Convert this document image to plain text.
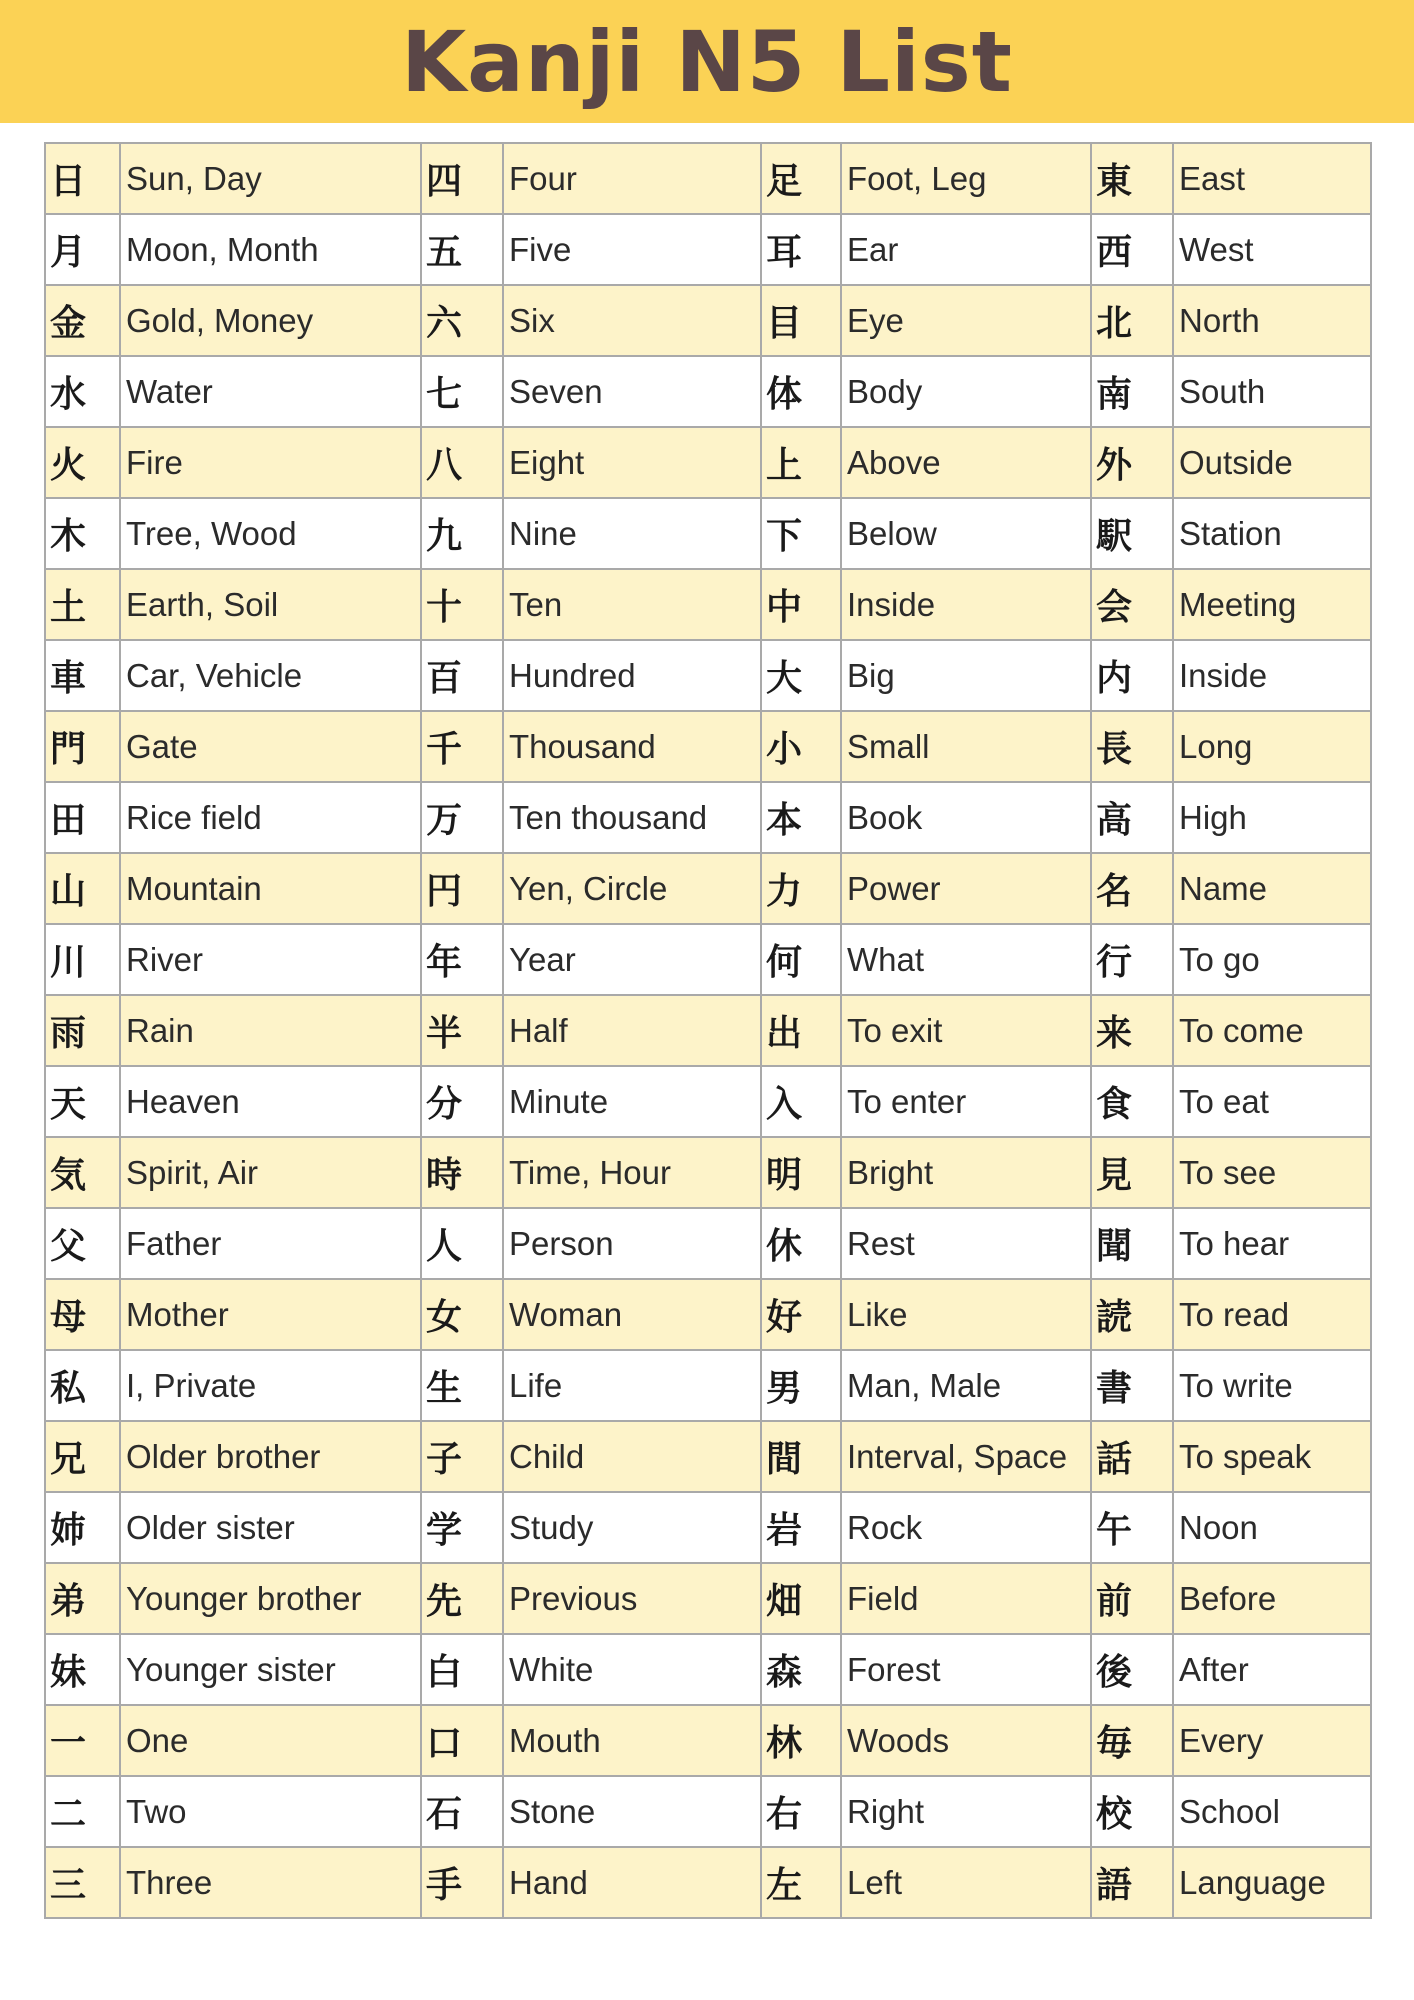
Kanji N5 List
日	Sun, Day	四	Four	足	Foot, Leg	東	East
月	Moon, Month	五	Five	耳	Ear	西	West
金	Gold, Money	六	Six	目	Eye	北	North
水	Water	七	Seven	体	Body	南	South
火	Fire	八	Eight	上	Above	外	Outside
木	Tree, Wood	九	Nine	下	Below	駅	Station
土	Earth, Soil	十	Ten	中	Inside	会	Meeting
車	Car, Vehicle	百	Hundred	大	Big	内	Inside
門	Gate	千	Thousand	小	Small	長	Long
田	Rice field	万	Ten thousand	本	Book	高	High
山	Mountain	円	Yen, Circle	力	Power	名	Name
川	River	年	Year	何	What	行	To go
雨	Rain	半	Half	出	To exit	来	To come
天	Heaven	分	Minute	入	To enter	食	To eat
気	Spirit, Air	時	Time, Hour	明	Bright	見	To see
父	Father	人	Person	休	Rest	聞	To hear
母	Mother	女	Woman	好	Like	読	To read
私	I, Private	生	Life	男	Man, Male	書	To write
兄	Older brother	子	Child	間	Interval, Space	話	To speak
姉	Older sister	学	Study	岩	Rock	午	Noon
弟	Younger brother	先	Previous	畑	Field	前	Before
妹	Younger sister	白	White	森	Forest	後	After
一	One	口	Mouth	林	Woods	毎	Every
二	Two	石	Stone	右	Right	校	School
三	Three	手	Hand	左	Left	語	Language
